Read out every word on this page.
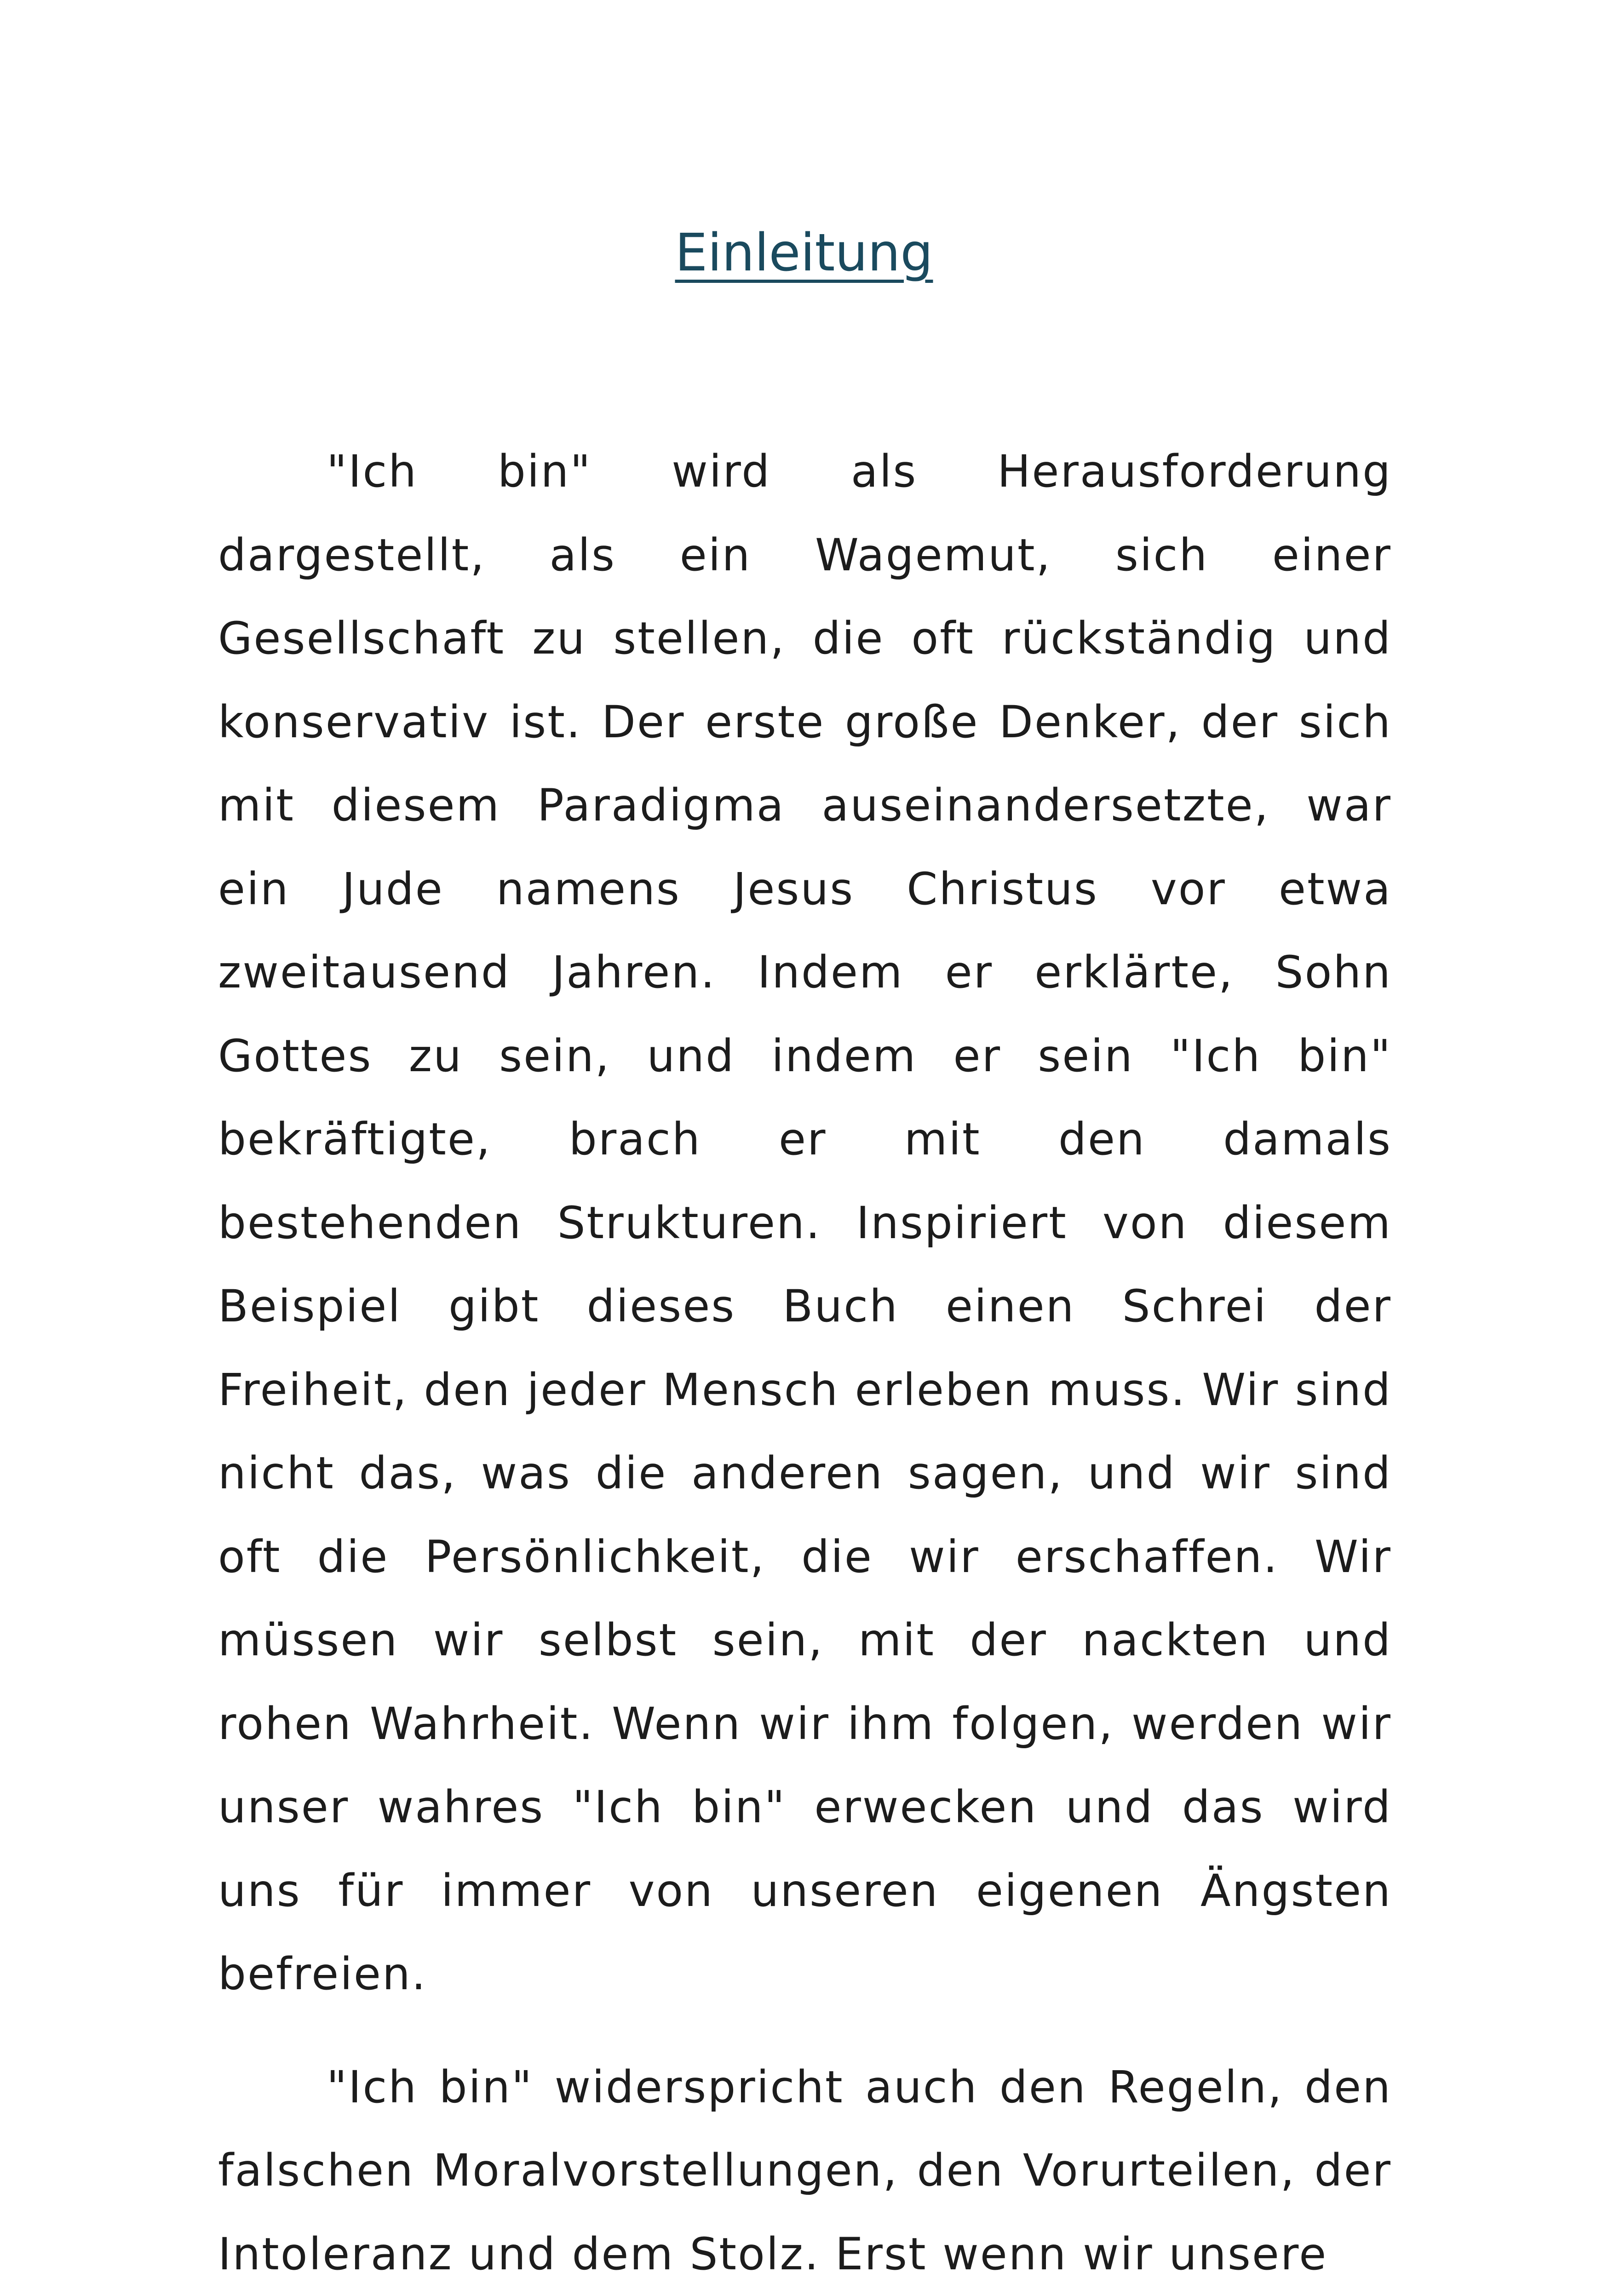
Einleitung

"Ich bin" wird als Herausforderung dargestellt, als ein Wagemut, sich einer Gesellschaft zu stellen, die oft rückständig und konservativ ist. Der erste große Denker, der sich mit diesem Paradigma auseinandersetzte, war ein Jude namens Jesus Christus vor etwa zweitausend Jahren. Indem er erklärte, Sohn Gottes zu sein, und indem er sein "Ich bin" bekräftigte, brach er mit den damals bestehenden Strukturen. Inspiriert von diesem Beispiel gibt dieses Buch einen Schrei der Freiheit, den jeder Mensch erleben muss. Wir sind nicht das, was die anderen sagen, und wir sind oft die Persönlichkeit, die wir erschaffen. Wir müssen wir selbst sein, mit der nackten und rohen Wahrheit. Wenn wir ihm folgen, werden wir unser wahres "Ich bin" erwecken und das wird uns für immer von unseren eigenen Ängsten befreien.

"Ich bin" widerspricht auch den Regeln, den falschen Moralvorstellungen, den Vorurteilen, der Intoleranz und dem Stolz. Erst wenn wir unsere
